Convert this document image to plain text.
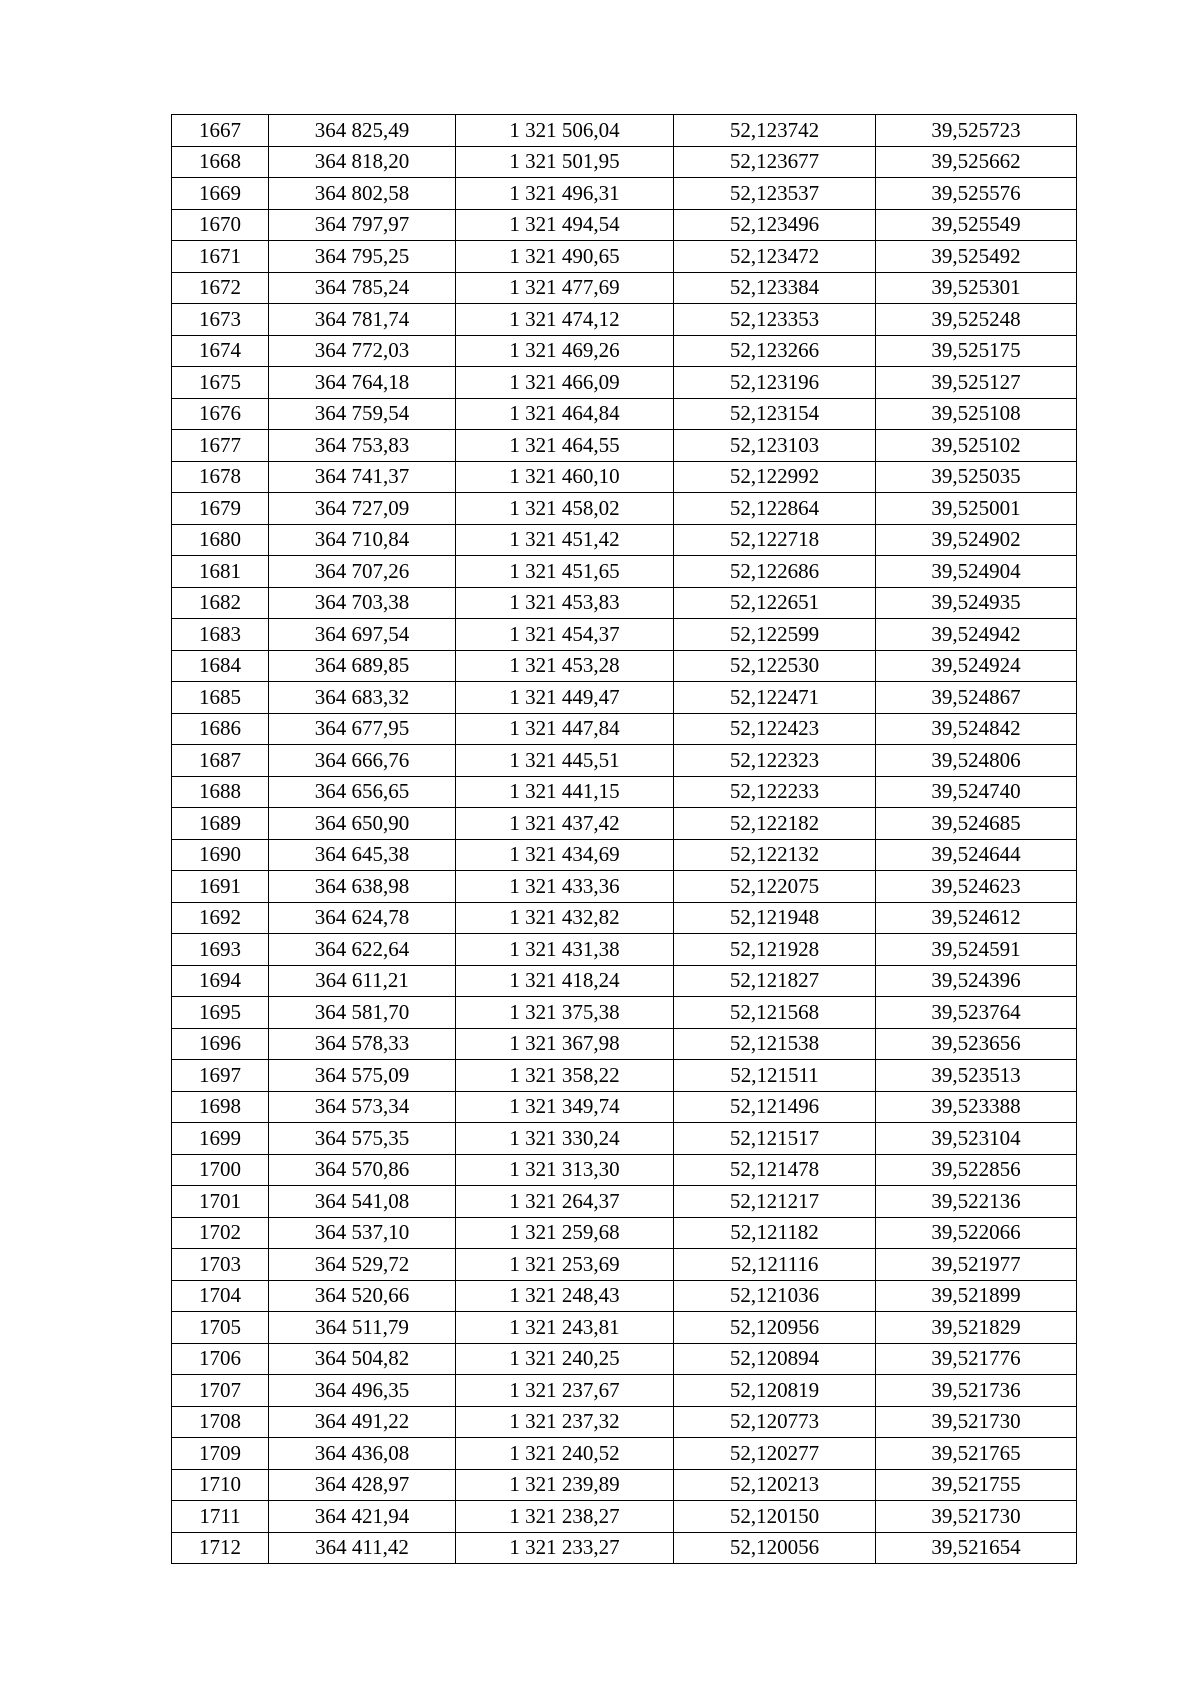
1667	364 825,49	1 321 506,04	52,123742	39,525723
1668	364 818,20	1 321 501,95	52,123677	39,525662
1669	364 802,58	1 321 496,31	52,123537	39,525576
1670	364 797,97	1 321 494,54	52,123496	39,525549
1671	364 795,25	1 321 490,65	52,123472	39,525492
1672	364 785,24	1 321 477,69	52,123384	39,525301
1673	364 781,74	1 321 474,12	52,123353	39,525248
1674	364 772,03	1 321 469,26	52,123266	39,525175
1675	364 764,18	1 321 466,09	52,123196	39,525127
1676	364 759,54	1 321 464,84	52,123154	39,525108
1677	364 753,83	1 321 464,55	52,123103	39,525102
1678	364 741,37	1 321 460,10	52,122992	39,525035
1679	364 727,09	1 321 458,02	52,122864	39,525001
1680	364 710,84	1 321 451,42	52,122718	39,524902
1681	364 707,26	1 321 451,65	52,122686	39,524904
1682	364 703,38	1 321 453,83	52,122651	39,524935
1683	364 697,54	1 321 454,37	52,122599	39,524942
1684	364 689,85	1 321 453,28	52,122530	39,524924
1685	364 683,32	1 321 449,47	52,122471	39,524867
1686	364 677,95	1 321 447,84	52,122423	39,524842
1687	364 666,76	1 321 445,51	52,122323	39,524806
1688	364 656,65	1 321 441,15	52,122233	39,524740
1689	364 650,90	1 321 437,42	52,122182	39,524685
1690	364 645,38	1 321 434,69	52,122132	39,524644
1691	364 638,98	1 321 433,36	52,122075	39,524623
1692	364 624,78	1 321 432,82	52,121948	39,524612
1693	364 622,64	1 321 431,38	52,121928	39,524591
1694	364 611,21	1 321 418,24	52,121827	39,524396
1695	364 581,70	1 321 375,38	52,121568	39,523764
1696	364 578,33	1 321 367,98	52,121538	39,523656
1697	364 575,09	1 321 358,22	52,121511	39,523513
1698	364 573,34	1 321 349,74	52,121496	39,523388
1699	364 575,35	1 321 330,24	52,121517	39,523104
1700	364 570,86	1 321 313,30	52,121478	39,522856
1701	364 541,08	1 321 264,37	52,121217	39,522136
1702	364 537,10	1 321 259,68	52,121182	39,522066
1703	364 529,72	1 321 253,69	52,121116	39,521977
1704	364 520,66	1 321 248,43	52,121036	39,521899
1705	364 511,79	1 321 243,81	52,120956	39,521829
1706	364 504,82	1 321 240,25	52,120894	39,521776
1707	364 496,35	1 321 237,67	52,120819	39,521736
1708	364 491,22	1 321 237,32	52,120773	39,521730
1709	364 436,08	1 321 240,52	52,120277	39,521765
1710	364 428,97	1 321 239,89	52,120213	39,521755
1711	364 421,94	1 321 238,27	52,120150	39,521730
1712	364 411,42	1 321 233,27	52,120056	39,521654
